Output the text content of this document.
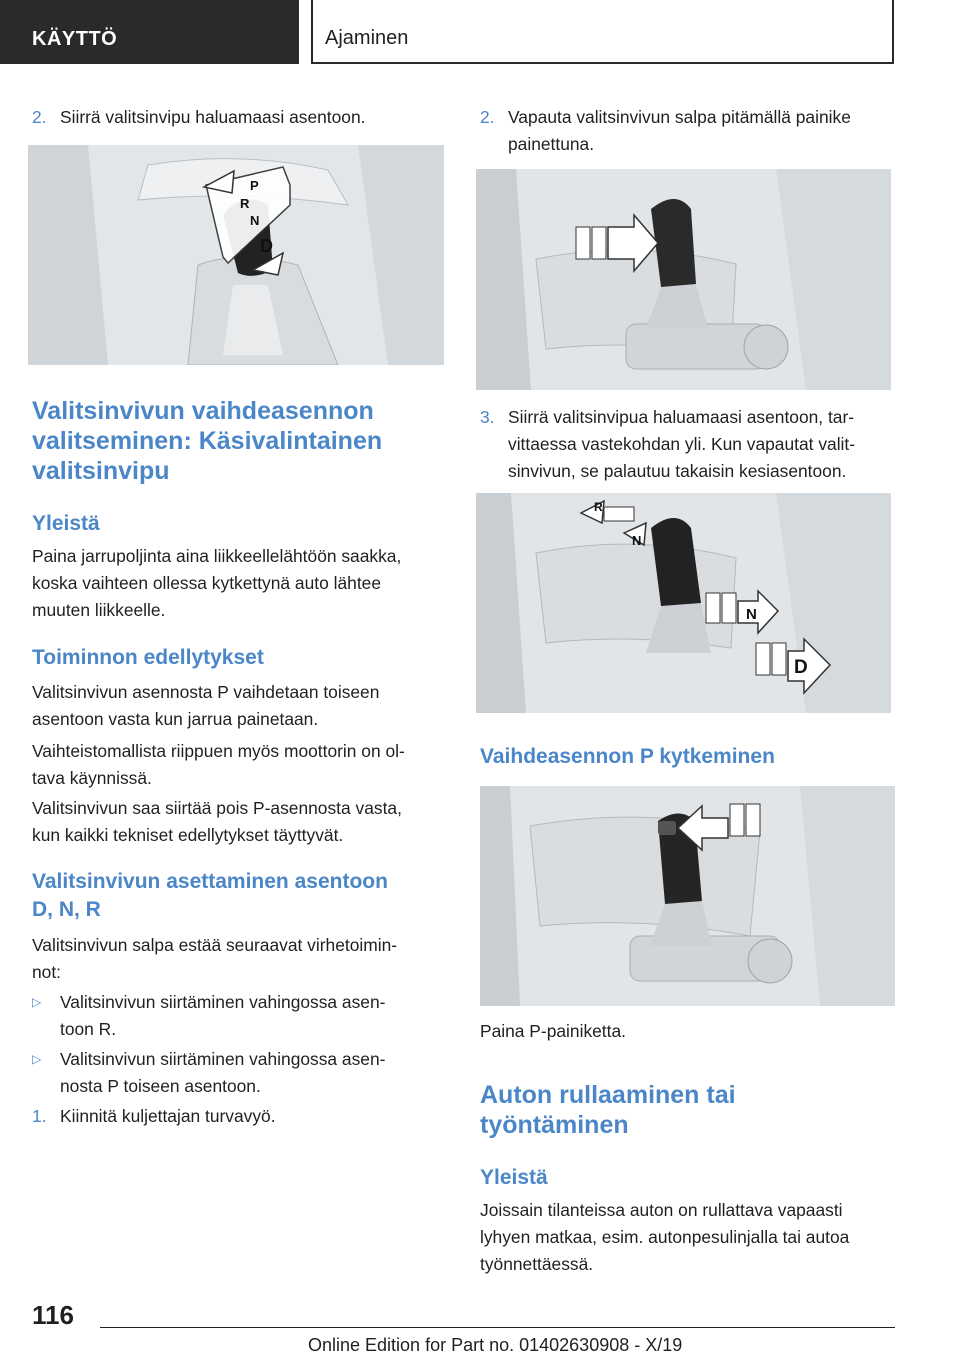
KÄYTTÖ	Ajaminen
2. Siirrä valitsinvipu haluamaasi asentoon.
P
R
N
D
Valitsinvivun vaihdeasennon
valitseminen: Käsivalintainen
valitsinvipu
Yleistä
Paina jarrupoljinta aina liikkeellelähtöön saakka,
koska vaihteen ollessa kytkettynä auto lähtee
muuten liikkeelle.
Toiminnon edellytykset
Valitsinvivun asennosta P vaihdetaan toiseen
asentoon vasta kun jarrua painetaan.
Vaihteistomallista riippuen myös moottorin on ol-
tava käynnissä.
Valitsinvivun saa siirtää pois P-asennosta vasta,
kun kaikki tekniset edellytykset täyttyvät.
Valitsinvivun asettaminen asentoon
D, N, R
Valitsinvivun salpa estää seuraavat virhetoimin-
not:
▷ Valitsinvivun siirtäminen vahingossa asen-
toon R.
▷ Valitsinvivun siirtäminen vahingossa asen-
nosta P toiseen asentoon.
1. Kiinnitä kuljettajan turvavyö.
2. Vapauta valitsinvivun salpa pitämällä painike
painettuna.
3. Siirrä valitsinvipua haluamaasi asentoon, tar-
vittaessa vastekohdan yli. Kun vapautat valit-
sinvivun, se palautuu takaisin kesiasentoon.
R
N
N
D
Vaihdeasennon P kytkeminen
Paina P-painiketta.
Auton rullaaminen tai
työntäminen
Yleistä
Joissain tilanteissa auton on rullattava vapaasti
lyhyen matkaa, esim. autonpesulinjalla tai autoa
työnnettäessä.
116
Online Edition for Part no. 01402630908 - X/19
